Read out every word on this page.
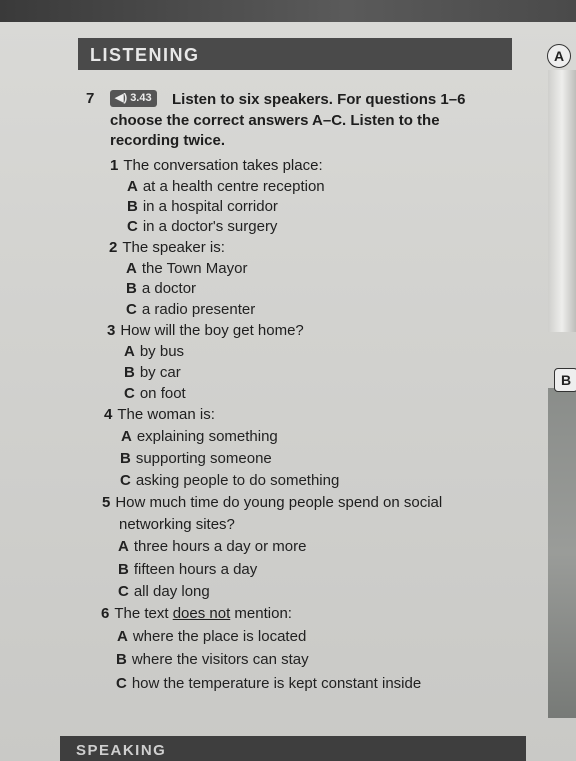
LISTENING	A
B
7	Listen to six speakers. For questions 1–6 choose the correct answers A–C. Listen to the recording twice.
◀) 3.43
1 The conversation takes place:
A at a health centre reception
B in a hospital corridor
C in a doctor's surgery
2 The speaker is:
A the Town Mayor
B a doctor
C a radio presenter
3 How will the boy get home?
A by bus
B by car
C on foot
4 The woman is:
A explaining something
B supporting someone
C asking people to do something
5 How much time do young people spend on social
networking sites?
A three hours a day or more
B fifteen hours a day
C all day long
6 The text does not mention:
A where the place is located
B where the visitors can stay
C how the temperature is kept constant inside
SPEAKING
